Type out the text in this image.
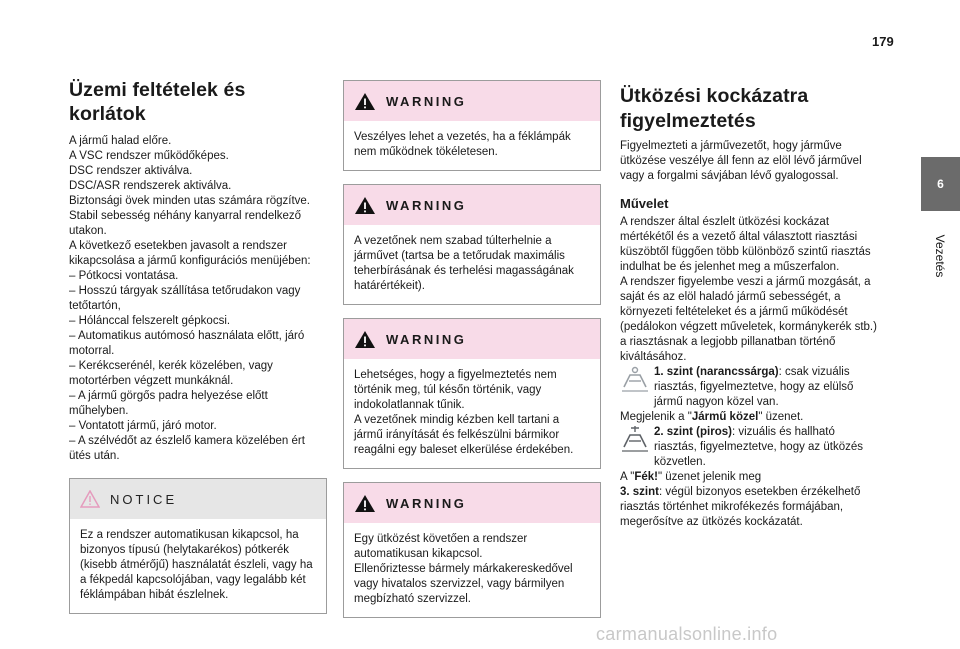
179
6
Vezetés
Üzemi feltételek és korlátok

A jármű halad előre.

A VSC rendszer működőképes.

DSC rendszer aktiválva.

DSC/ASR rendszerek aktiválva.

Biztonsági övek minden utas számára rögzítve.

Stabil sebesség néhány kanyarral rendelkező utakon.

A következő esetekben javasolt a rendszer kikapcsolása a jármű konfigurációs menüjében:

– Pótkocsi vontatása.

– Hosszú tárgyak szállítása tetőrudakon vagy tetőtartón,

– Hólánccal felszerelt gépkocsi.

– Automatikus autómosó használata előtt, járó motorral.

– Kerékcserénél, kerék közelében, vagy motortérben végzett munkáknál.

– A jármű görgős padra helyezése előtt műhelyben.

– Vontatott jármű, járó motor.

– A szélvédőt az észlelő kamera közelében ért ütés után.

NOTICE
Ez a rendszer automatikusan kikapcsol, ha bizonyos típusú (helytakarékos) pótkerék (kisebb átmérőjű) használatát észleli, vagy ha a fékpedál kapcsolójában, vagy legalább két féklámpában hibát észlelnek.
WARNING

Veszélyes lehet a vezetés, ha a féklámpák nem működnek tökéletesen.

WARNING

A vezetőnek nem szabad túlterhelnie a járművet (tartsa be a tetőrudak maximális teherbírásának és terhelési magasságának határértékeit).

WARNING

Lehetséges, hogy a figyelmeztetés nem történik meg, túl későn történik, vagy indokolatlannak tűnik.

A vezetőnek mindig kézben kell tartani a jármű irányítását és felkészülni bármikor reagálni egy baleset elkerülése érdekében.

WARNING

Egy ütközést követően a rendszer automatikusan kikapcsol.

Ellenőriztesse bármely márkakereskedővel vagy hivatalos szervizzel, vagy bármilyen megbízható szervizzel.

Ütközési kockázatra
figyelmeztetés

Figyelmezteti a járművezetőt, hogy járműve ütközése veszélye áll fenn az elöl lévő járművel vagy a forgalmi sávjában lévő gyalogossal.

Művelet

A rendszer által észlelt ütközési kockázat mértékétől és a vezető által választott riasztási küszöbtől függően több különböző szintű riasztás indulhat be és jelenhet meg a műszerfalon.

A rendszer figyelembe veszi a jármű mozgását, a saját és az elöl haladó jármű sebességét, a környezeti feltételeket és a jármű működését (pedálokon végzett műveletek, kormánykerék stb.) a riasztásnak a legjobb pillanatban történő kiváltásához.

1. szint (narancssárga): csak vizuális riasztás, figyelmeztetve, hogy az elülső jármű nagyon közel van.

Megjelenik a "Jármű közel" üzenet.

2. szint (piros): vizuális és hallható riasztás, figyelmeztetve, hogy az ütközés közvetlen.

A "Fék!" üzenet jelenik meg

3. szint: végül bizonyos esetekben érzékelhető riasztás történhet mikrofékezés formájában, megerősítve az ütközés kockázatát.

carmanualsonline.info
